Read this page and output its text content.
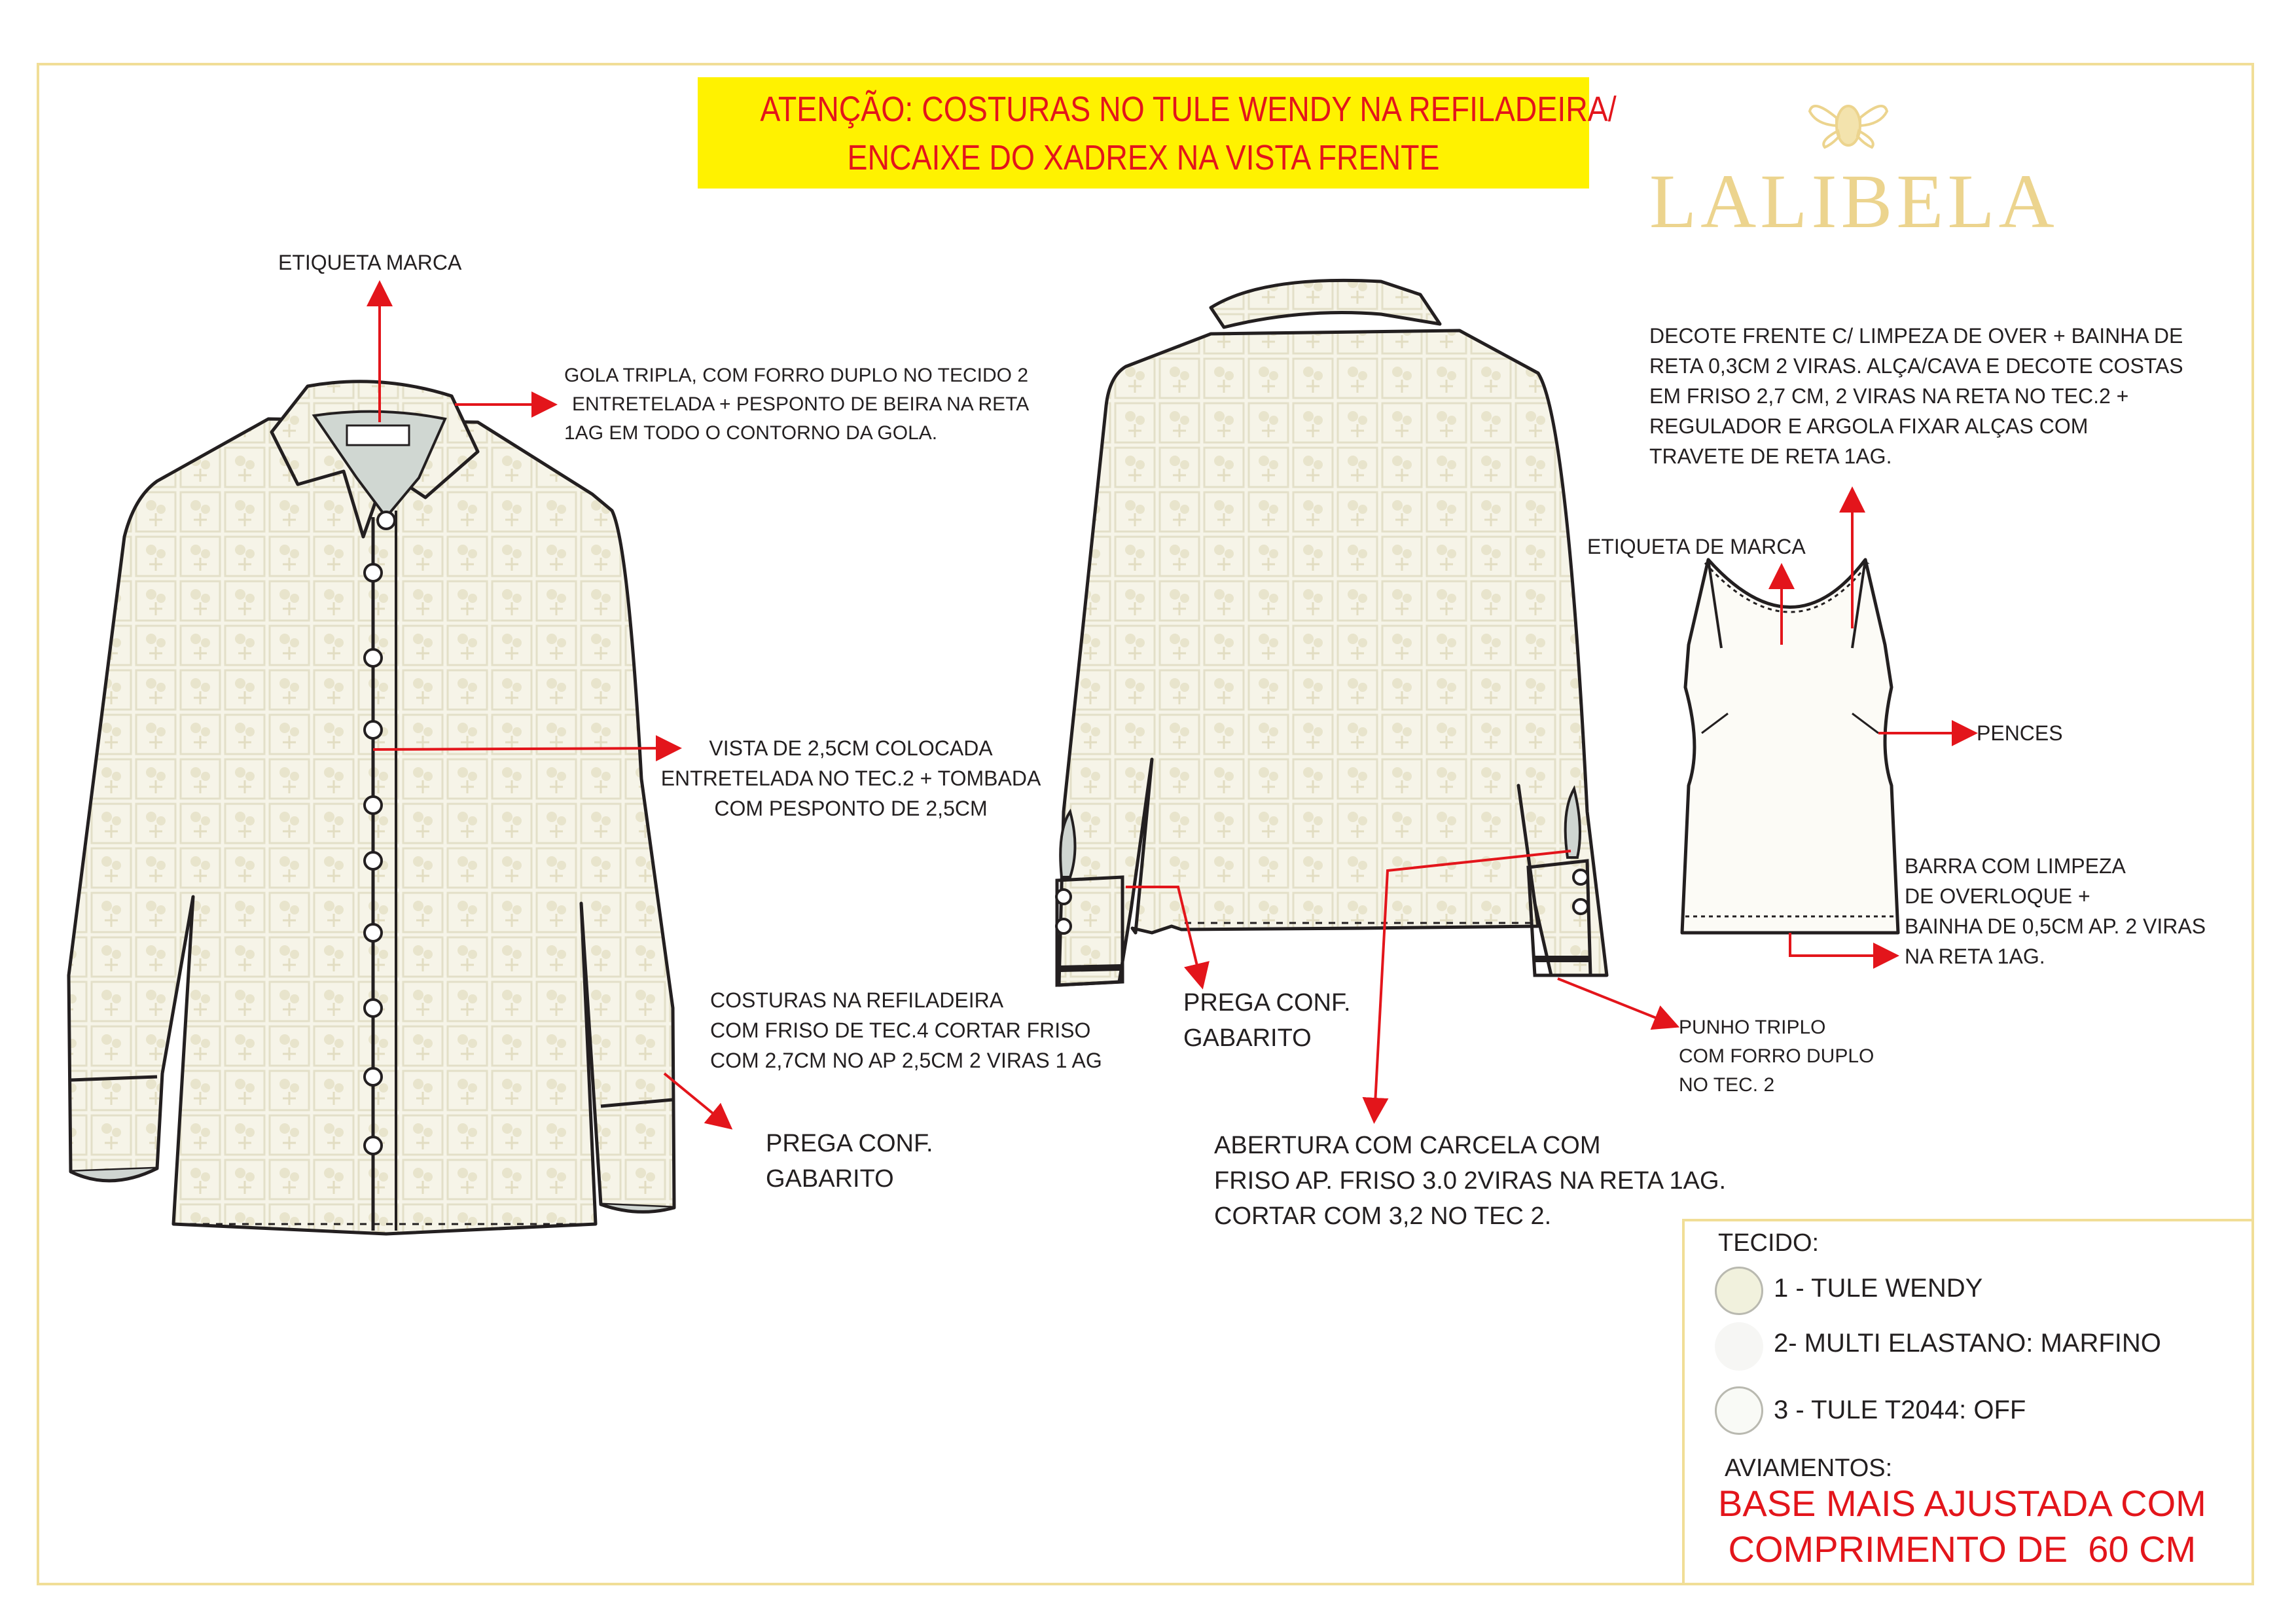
ATENÇÃO: COSTURAS NO TULE WENDY NA REFILADEIRA/
ENCAIXE DO XADREX NA VISTA FRENTE
LALIBELA
ETIQUETA MARCA
GOLA TRIPLA, COM FORRO DUPLO NO TECIDO 2
ENTRETELADA + PESPONTO DE BEIRA NA RETA
1AG EM TODO O CONTORNO DA GOLA.
VISTA DE 2,5CM COLOCADA
ENTRETELADA NO TEC.2 + TOMBADA
COM PESPONTO DE 2,5CM
COSTURAS NA REFILADEIRA
COM FRISO DE TEC.4 CORTAR FRISO
COM 2,7CM NO AP 2,5CM 2 VIRAS 1 AG
PREGA CONF.
GABARITO
PREGA CONF.
GABARITO
ABERTURA COM CARCELA COM
FRISO AP. FRISO 3.0 2VIRAS NA RETA 1AG.
CORTAR COM 3,2 NO TEC 2.
PUNHO TRIPLO
COM FORRO DUPLO
NO TEC. 2
DECOTE FRENTE C/ LIMPEZA DE OVER + BAINHA DE
RETA 0,3CM 2 VIRAS. ALÇA/CAVA E DECOTE COSTAS
EM FRISO 2,7 CM, 2 VIRAS NA RETA NO TEC.2 +
REGULADOR E ARGOLA FIXAR ALÇAS COM
TRAVETE DE RETA 1AG.
ETIQUETA DE MARCA
PENCES
BARRA COM LIMPEZA
DE OVERLOQUE +
BAINHA DE 0,5CM AP. 2 VIRAS
NA RETA 1AG.
TECIDO:
1 - TULE WENDY
2- MULTI ELASTANO: MARFINO
3 - TULE T2044: OFF
AVIAMENTOS:
BASE MAIS AJUSTADA COM
COMPRIMENTO DE  60 CM
